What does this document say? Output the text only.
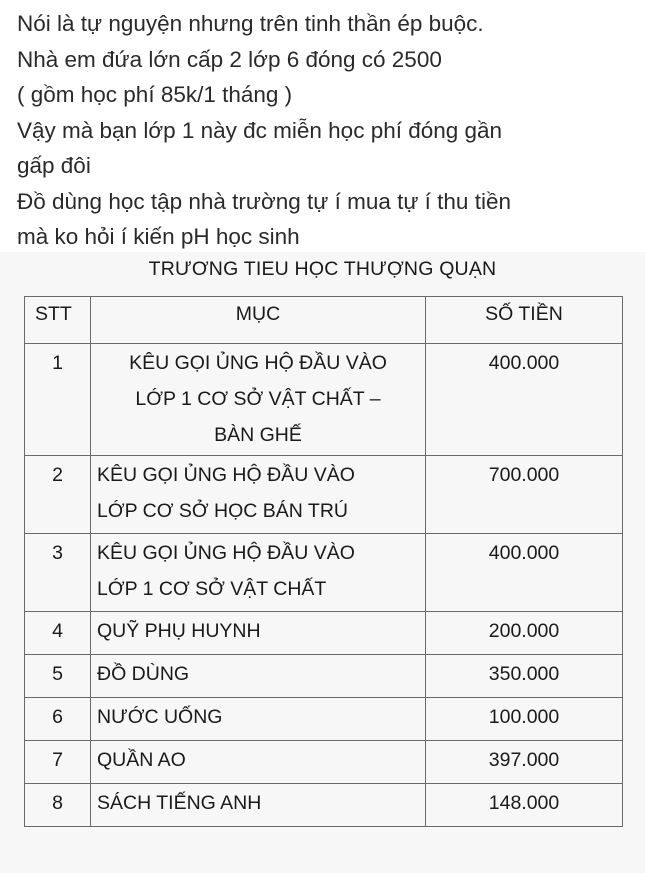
Nói là tự nguyện nhưng trên tinh thần ép buộc.
Nhà em đứa lớn cấp 2 lớp 6 đóng có 2500
( gồm học phí 85k/1 tháng )
Vậy mà bạn lớp 1 này đc miễn học phí đóng gần
gấp đôi
Đồ dùng học tập nhà trường tự í mua tự í thu tiền
mà ko hỏi í kiến pH học sinh
TRƯƠNG TIEU HỌC THƯỢNG QUẠN
STT	MỤC	SỐ TIỀN
1	KÊU GỌI ỦNG HỘ ĐẦU VÀO
LỚP 1 CƠ SỞ VẬT CHẤT –
BÀN GHẾ	400.000
2	KÊU GỌI ỦNG HỘ ĐẦU VÀO
LỚP CƠ SỞ HỌC BÁN TRÚ	700.000
3	KÊU GỌI ỦNG HỘ ĐẦU VÀO
LỚP 1 CƠ SỞ VẬT CHẤT	400.000
4	QUỸ PHỤ HUYNH	200.000
5	ĐỒ DÙNG	350.000
6	NƯỚC UỐNG	100.000
7	QUẦN AO	397.000
8	SÁCH TIẾNG ANH	148.000
